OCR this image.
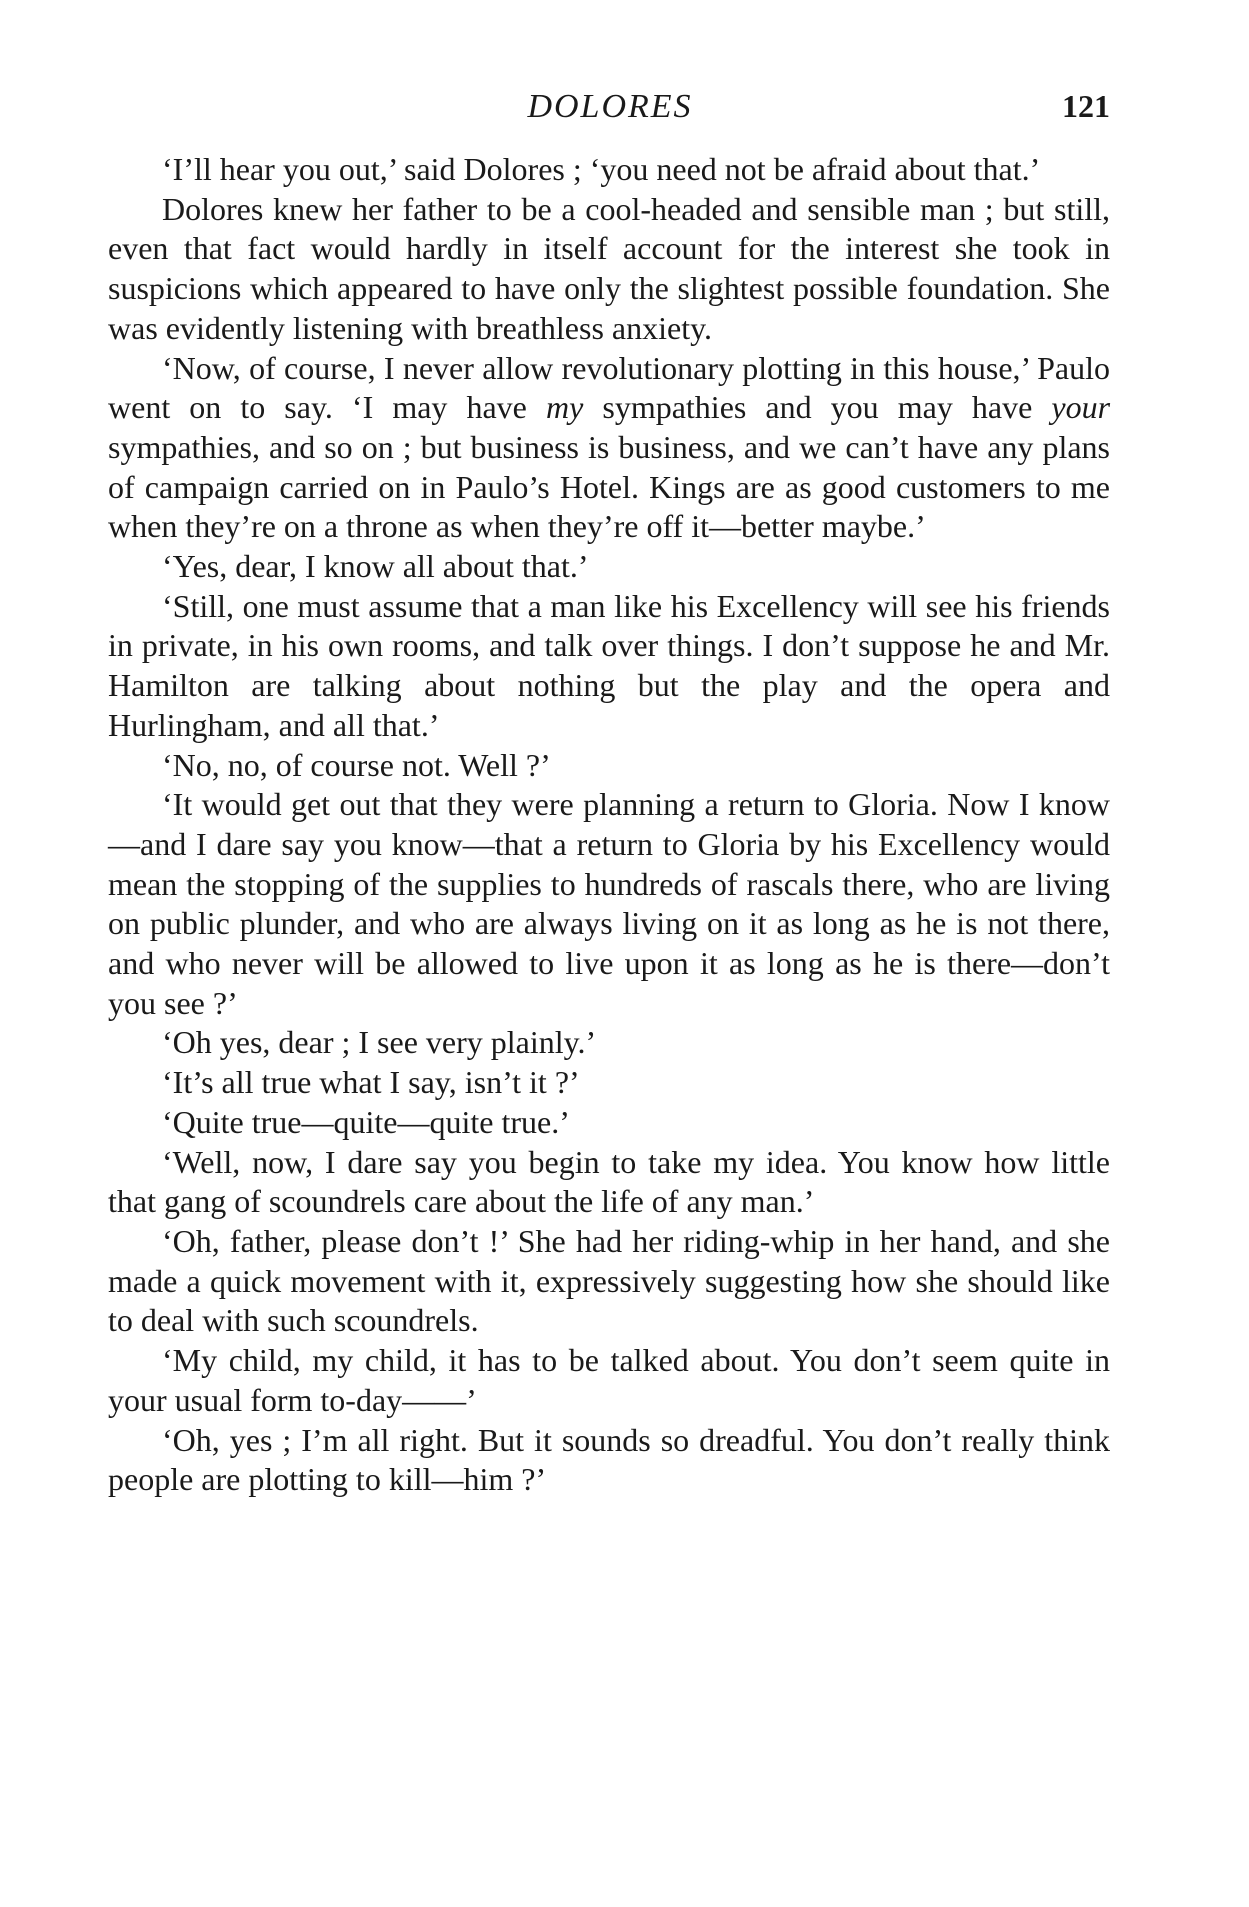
DOLORES	121

‘I’ll hear you out,’ said Dolores ; ‘you need not be afraid about that.’

Dolores knew her father to be a cool-headed and sensible man ; but still, even that fact would hardly in itself account for the interest she took in suspicions which appeared to have only the slightest possible foundation. She was evidently listening with breathless anxiety.

‘Now, of course, I never allow revolutionary plotting in this house,’ Paulo went on to say. ‘I may have my sympathies and you may have your sympathies, and so on ; but business is business, and we can’t have any plans of campaign carried on in Paulo’s Hotel. Kings are as good customers to me when they’re on a throne as when they’re off it—better maybe.’

‘Yes, dear, I know all about that.’

‘Still, one must assume that a man like his Excellency will see his friends in private, in his own rooms, and talk over things. I don’t suppose he and Mr. Hamilton are talking about nothing but the play and the opera and Hurlingham, and all that.’

‘No, no, of course not. Well ?’

‘It would get out that they were planning a return to Gloria. Now I know—and I dare say you know—that a return to Gloria by his Excellency would mean the stopping of the supplies to hundreds of rascals there, who are living on public plunder, and who are always living on it as long as he is not there, and who never will be allowed to live upon it as long as he is there—don’t you see ?’

‘Oh yes, dear ; I see very plainly.’

‘It’s all true what I say, isn’t it ?’

‘Quite true—quite—quite true.’

‘Well, now, I dare say you begin to take my idea. You know how little that gang of scoundrels care about the life of any man.’

‘Oh, father, please don’t !’ She had her riding-whip in her hand, and she made a quick movement with it, expressively suggesting how she should like to deal with such scoundrels.

‘My child, my child, it has to be talked about. You don’t seem quite in your usual form to-day——’

‘Oh, yes ; I’m all right. But it sounds so dreadful. You don’t really think people are plotting to kill—him ?’
